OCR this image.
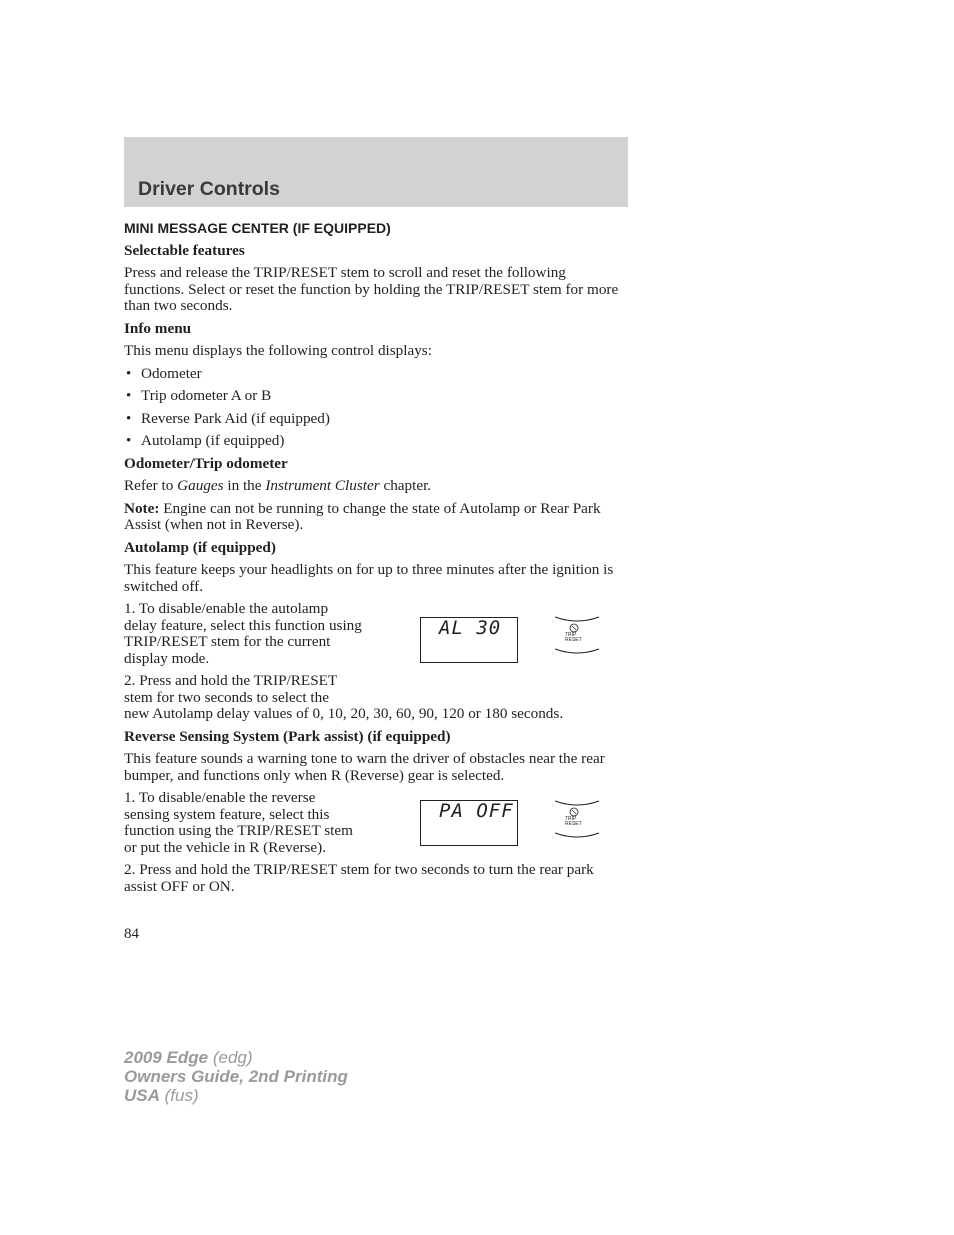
Driver Controls

MINI MESSAGE CENTER (IF EQUIPPED)

Selectable features

Press and release the TRIP/RESET stem to scroll and reset the following functions. Select or reset the function by holding the TRIP/RESET stem for more than two seconds.

Info menu

This menu displays the following control displays:

• Odometer
• Trip odometer A or B
• Reverse Park Aid (if equipped)
• Autolamp (if equipped)

Odometer/Trip odometer

Refer to Gauges in the Instrument Cluster chapter.

Note: Engine can not be running to change the state of Autolamp or Rear Park Assist (when not in Reverse).

Autolamp (if equipped)

This feature keeps your headlights on for up to three minutes after the ignition is switched off.

1. To disable/enable the autolamp delay feature, select this function using TRIP/RESET stem for the current display mode.

AL 30	TRIP
RESET

2. Press and hold the TRIP/RESET stem for two seconds to select the

new Autolamp delay values of 0, 10, 20, 30, 60, 90, 120 or 180 seconds.

Reverse Sensing System (Park assist) (if equipped)

This feature sounds a warning tone to warn the driver of obstacles near the rear bumper, and functions only when R (Reverse) gear is selected.

1. To disable/enable the reverse sensing system feature, select this function using the TRIP/RESET stem or put the vehicle in R (Reverse).

PA OFF	TRIP
RESET

2. Press and hold the TRIP/RESET stem for two seconds to turn the rear park assist OFF or ON.

84
2009 Edge (edg)
Owners Guide, 2nd Printing
USA (fus)
